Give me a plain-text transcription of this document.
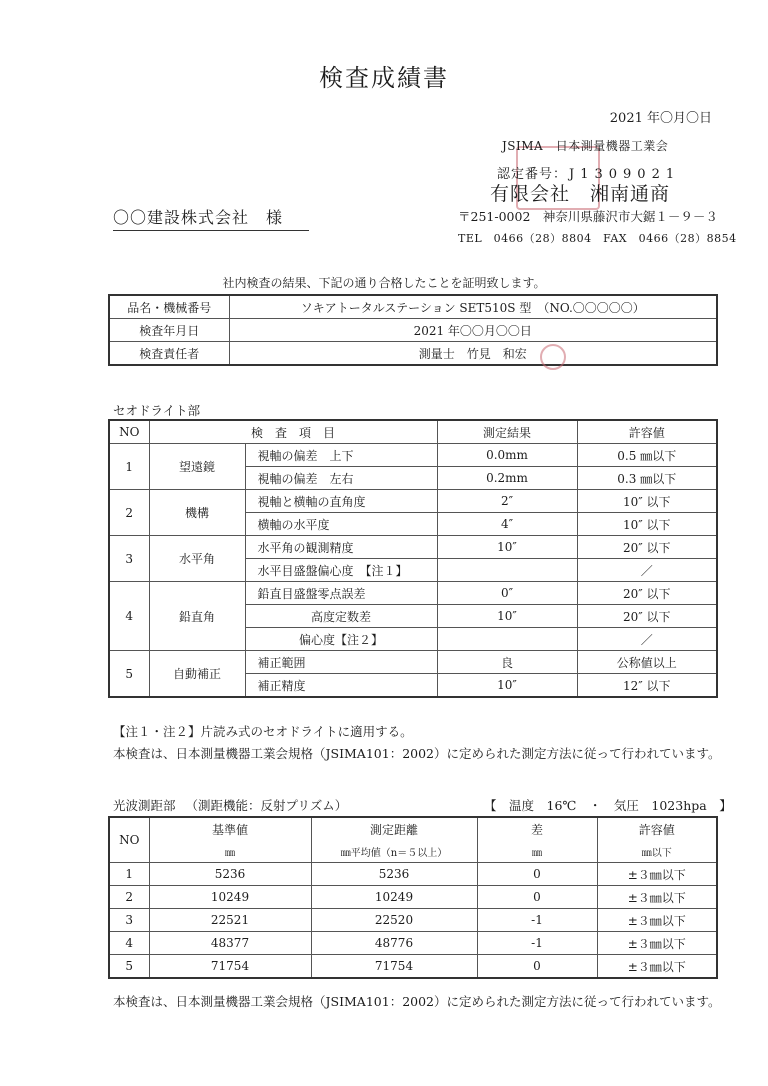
検査成績書
2021 年〇月〇日
JSIMA　日本測量機器工業会
認定番号： J1309021
有限会社　湘南通商
〇〇建設株式会社　様	〒251-0002　神奈川県藤沢市大鋸１－９－３
TEL　0466（28）8804　FAX　0466（28）8854
社内検査の結果、下記の通り合格したことを証明致します。
品名・機械番号	ソキアトータルステーション SET510S 型　（NO.〇〇〇〇〇）
検査年月日	2021 年〇〇月〇〇日
検査責任者	測量士　竹見　和宏
セオドライト部
NO	検　査　項　目		測定結果	許容値
1	望遠鏡	視軸の偏差　上下	0.0mm	0.5 ㎜以下
		視軸の偏差　左右	0.2mm	0.3 ㎜以下
2	機構	視軸と横軸の直角度	2″	10″ 以下
		横軸の水平度	4″	10″ 以下
3	水平角	水平角の観測精度	10″	20″ 以下
		水平目盛盤偏心度　【注１】		／
4	鉛直角	鉛直目盛盤零点誤差	0″	20″ 以下
		高度定数差	10″	20″ 以下
		偏心度【注２】		／
5	自動補正	補正範囲	良	公称値以上
		補正精度	10″	12″ 以下
【注１・注２】片読み式のセオドライトに適用する。
本検査は、日本測量機器工業会規格（JSIMA101：2002）に定められた測定方法に従って行われています。
光波測距部 （測距機能：反射プリズム）	【　温度　16℃　・　気圧　1023hpa　】
NO	基準値	測定距離	差	許容値
	㎜	㎜平均値（n＝５以上）	㎜	㎜以下
1	5236	5236	0	±３㎜以下
2	10249	10249	0	±３㎜以下
3	22521	22520	-1	±３㎜以下
4	48377	48776	-1	±３㎜以下
5	71754	71754	0	±３㎜以下
本検査は、日本測量機器工業会規格（JSIMA101：2002）に定められた測定方法に従って行われています。
